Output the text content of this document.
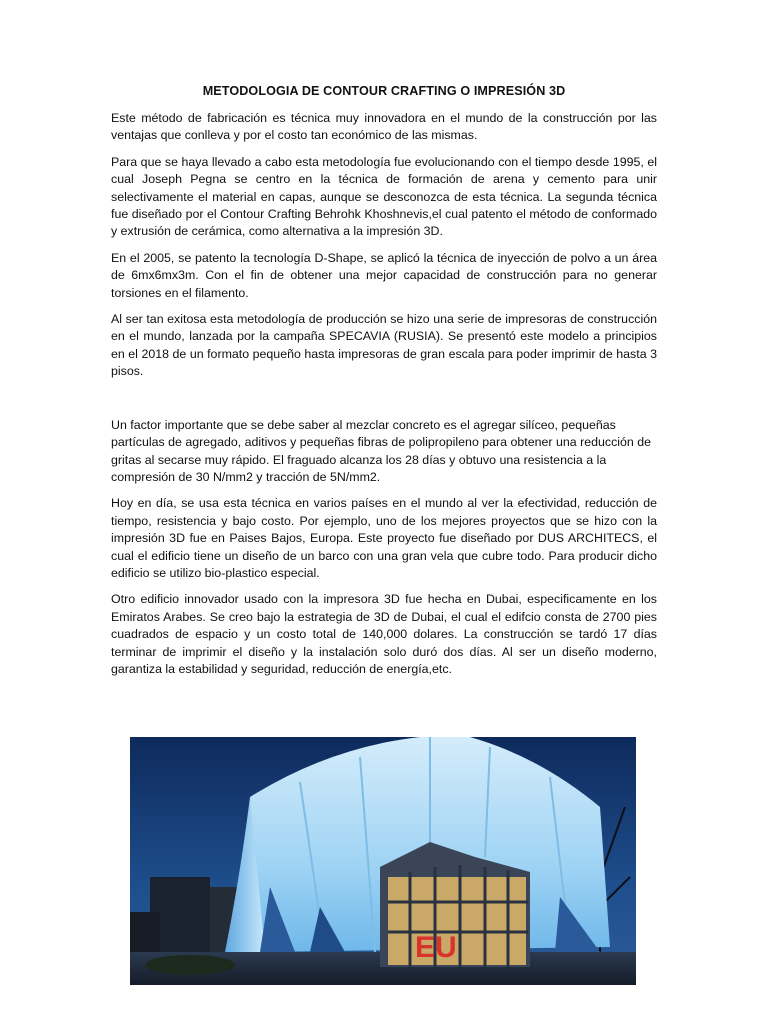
METODOLOGIA DE CONTOUR CRAFTING O IMPRESIÓN 3D

Este método de fabricación es técnica muy innovadora en el mundo de la construcción por las ventajas que conlleva y por el costo tan económico de las mismas.

Para que se haya llevado a cabo esta metodología fue evolucionando con el tiempo desde 1995, el cual Joseph Pegna se centro en la técnica de formación de arena y cemento para unir selectivamente el material en capas, aunque se desconozca de esta técnica. La segunda técnica fue diseñado por el Contour Crafting Behrohk Khoshnevis,el cual patento el método de conformado y extrusión de cerámica, como alternativa a la impresión 3D.

En el 2005, se patento la tecnología D-Shape, se aplicó la técnica de inyección de polvo a un área de 6mx6mx3m. Con el fin de obtener una mejor capacidad de construcción para no generar torsiones en el filamento.

Al ser tan exitosa esta metodología de producción se hizo una serie de impresoras de construcción en el mundo, lanzada por la campaña SPECAVIA (RUSIA). Se presentó este modelo a principios en el 2018 de un formato pequeño hasta impresoras de gran escala para poder imprimir de hasta 3 pisos.

Un factor importante que se debe saber al mezclar concreto es el agregar silíceo, pequeñas partículas de agregado, aditivos y pequeñas fibras de polipropileno para obtener una reducción de gritas al secarse muy rápido. El fraguado alcanza los 28 días y obtuvo una resistencia a la compresión de 30 N/mm2 y tracción de 5N/mm2.

Hoy en día, se usa esta técnica en varios países en el mundo al ver la efectividad, reducción de tiempo, resistencia y bajo costo. Por ejemplo, uno de los mejores proyectos que se hizo con la impresión 3D fue en Paises Bajos, Europa. Este proyecto fue diseñado por DUS ARCHITECS, el cual el edificio tiene un diseño de un barco con una gran vela que cubre todo. Para producir dicho edificio se utilizo bio-plastico especial.

Otro edificio innovador usado con la impresora 3D fue hecha en Dubai, especificamente en los Emiratos Arabes. Se creo bajo la estrategia de 3D de Dubai, el cual el edifcio consta de 2700 pies cuadrados de espacio y un costo total de 140,000 dolares. La construcción se tardó 17 días terminar de imprimir el diseño y la instalación solo duró dos días. Al ser un diseño moderno, garantiza la estabilidad y seguridad, reducción de energía,etc.

EU
